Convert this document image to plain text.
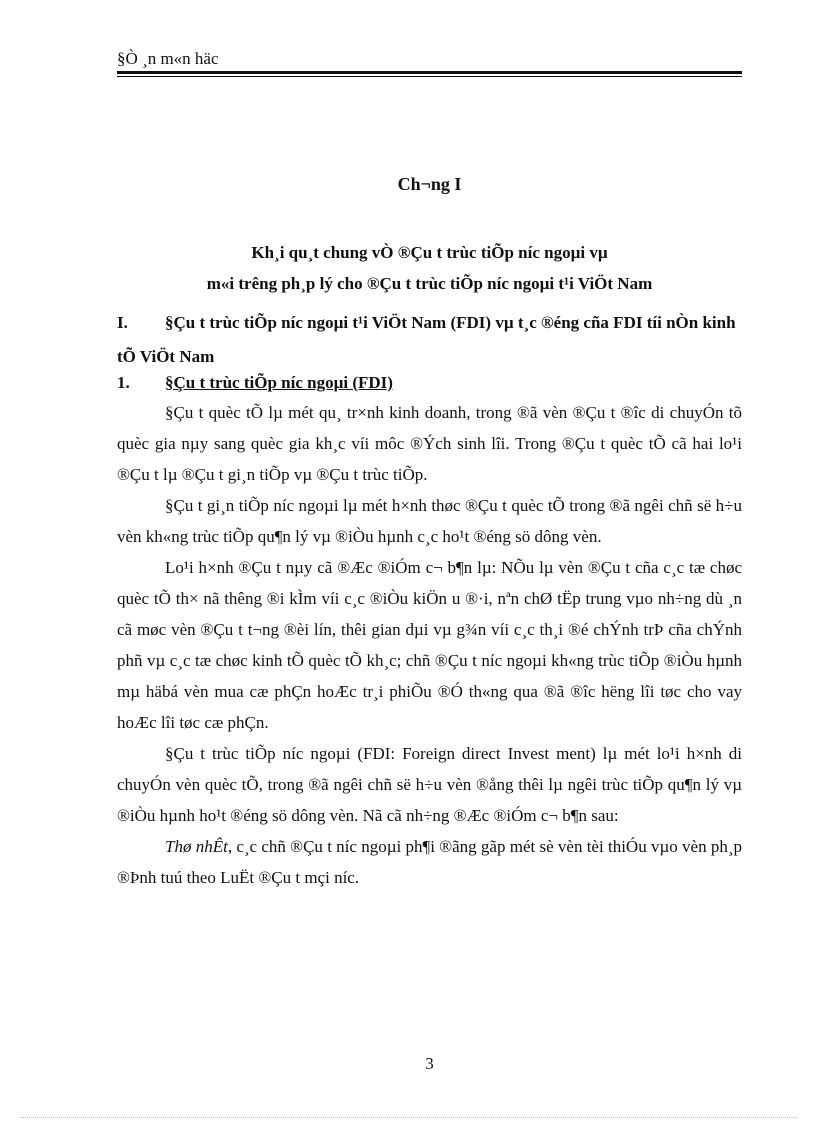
§Ò ¸n m«n häc
Ch¬ng I
Kh¸i qu¸t chung vÒ ®Çu t trùc tiÕp níc ngoµi vµ
m«i trêng ph¸p lý cho ®Çu t trùc tiÕp níc ngoµi t¹i ViÖt Nam
I. §Çu t trùc tiÕp níc ngoµi t¹i ViÖt Nam (FDI) vµ t¸c ®éng cña FDI tíi nÒn kinh tÕ ViÖt Nam
1. §Çu t trùc tiÕp níc ngoµi (FDI)

§Çu t quèc tÕ lµ mét qu¸ tr×nh kinh doanh, trong ®ã vèn ®Çu t ®îc di chuyÓn tõ quèc gia nµy sang quèc gia kh¸c víi môc ®Ých sinh lîi. Trong ®Çu t quèc tÕ cã hai lo¹i ®Çu t lµ ®Çu t gi¸n tiÕp vµ ®Çu t trùc tiÕp.

§Çu t gi¸n tiÕp níc ngoµi lµ mét h×nh thøc ®Çu t quèc tÕ trong ®ã ngêi chñ së h÷u vèn kh«ng trùc tiÕp qu¶n lý vµ ®iÒu hµnh c¸c ho¹t ®éng sö dông vèn.

Lo¹i h×nh ®Çu t nµy cã ®Æc ®iÓm c¬ b¶n lµ: NÕu lµ vèn ®Çu t cña c¸c tæ chøc quèc tÕ th× nã thêng ®i kÌm víi c¸c ®iÒu kiÖn u ®·i, nªn chØ tËp trung vµo nh÷ng dù ¸n cã møc vèn ®Çu t t¬ng ®èi lín, thêi gian dµi vµ g¾n víi c¸c th¸i ®é chÝnh trÞ cña chÝnh phñ vµ c¸c tæ chøc kinh tÕ quèc tÕ kh¸c; chñ ®Çu t níc ngoµi kh«ng trùc tiÕp ®iÒu hµnh mµ häbá vèn mua cæ phÇn hoÆc tr¸i phiÕu ®Ó th«ng qua ®ã ®îc hëng lîi tøc cho vay hoÆc lîi tøc cæ phÇn.

§Çu t trùc tiÕp níc ngoµi (FDI: Foreign direct Invest ment) lµ mét lo¹i h×nh di chuyÓn vèn quèc tÕ, trong ®ã ngêi chñ së h÷u vèn ®ång thêi lµ ngêi trùc tiÕp qu¶n lý vµ ®iÒu hµnh ho¹t ®éng sö dông vèn. Nã cã nh÷ng ®Æc ®iÓm c¬ b¶n sau:

Thø nhÊt, c¸c chñ ®Çu t níc ngoµi ph¶i ®ãng gãp mét sè vèn tèi thiÓu vµo vèn ph¸p ®Þnh tuú theo LuËt ®Çu t mçi níc.

3
